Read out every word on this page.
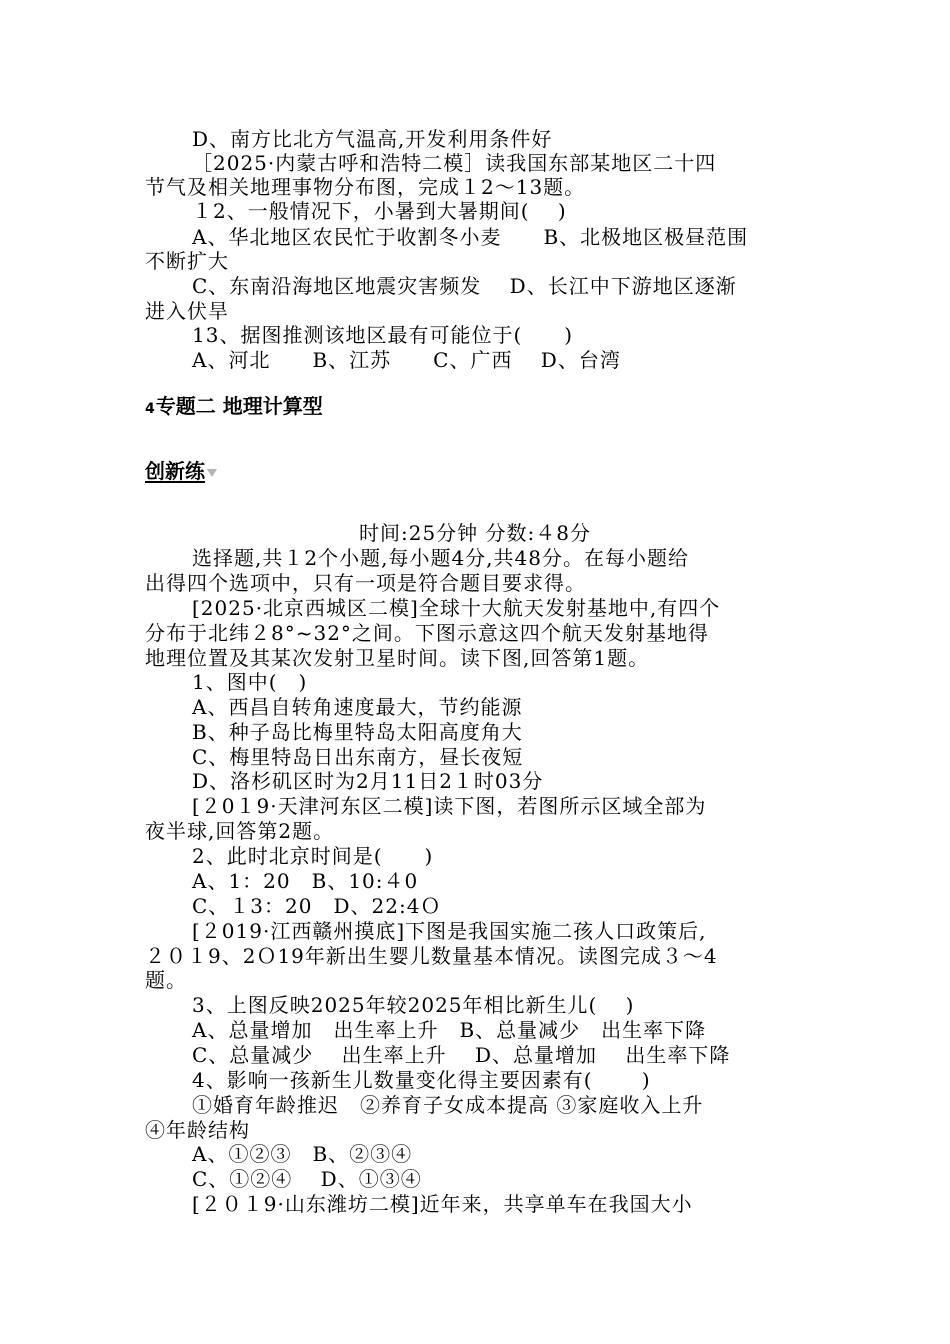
D、南方比北方气温高,开发利用条件好
［2025·内蒙古呼和浩特二模］读我国东部某地区二十四
节气及相关地理事物分布图，完成１2～13题。
１2、一般情况下，小暑到大暑期间(　 )
A、华北地区农民忙于收割冬小麦　　B、北极地区极昼范围
不断扩大
C、东南沿海地区地震灾害频发　 D、长江中下游地区逐渐
进入伏旱
13、据图推测该地区最有可能位于(　　)
A、河北　　B、江苏　　C、广西　 D、台湾
4专题二 地理计算型
创新练
时间:25分钟 分数:４8分
选择题,共１2个小题,每小题4分,共48分。在每小题给
出得四个选项中，只有一项是符合题目要求得。
[2025·北京西城区二模]全球十大航天发射基地中,有四个
分布于北纬２8°~32°之间。下图示意这四个航天发射基地得
地理位置及其某次发射卫星时间。读下图,回答第1题。
1、图中(　)
A、西昌自转角速度最大，节约能源
B、种子岛比梅里特岛太阳高度角大
C、梅里特岛日出东南方，昼长夜短
D、洛杉矶区时为2月11日2１时03分
[２0１9·天津河东区二模]读下图，若图所示区域全部为
夜半球,回答第2题。
2、此时北京时间是(　　)
A、1：20　B、10:４0
C、１3：20　D、22:4Ｏ
[２019·江西赣州摸底]下图是我国实施二孩人口政策后,
２０１9、2Ｏ19年新出生婴儿数量基本情况。读图完成３～4
题。
3、上图反映2025年较2025年相比新生儿(　 )
A、总量增加　出生率上升　B、总量减少　出生率下降
C、总量减少　 出生率上升　 D、总量增加　 出生率下降
4、影响一孩新生儿数量变化得主要因素有(　　 )
①婚育年龄推迟　②养育子女成本提高 ③家庭收入上升
④年龄结构
A、①②③　B、②③④
C、①②④　 D、①③④
[２０１9·山东潍坊二模]近年来，共享单车在我国大小
